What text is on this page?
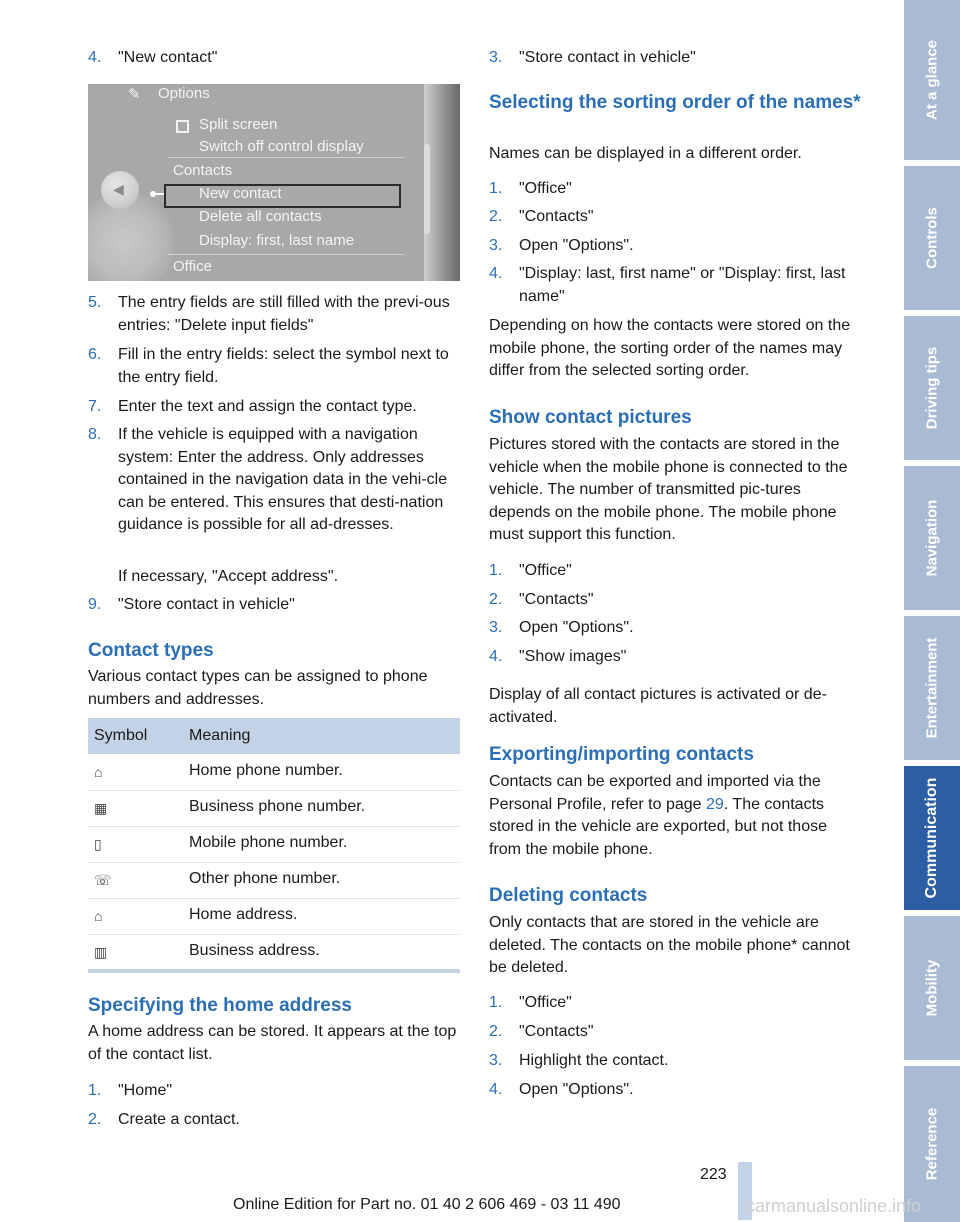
4.	"New contact"
✎ Options
◀
Split screen
Switch off control display
Contacts
New contact
Delete all contacts
Display: first, last name
Office
5.	The entry fields are still filled with the previ‐ous entries: "Delete input fields"
6.	Fill in the entry fields: select the symbol next to the entry field.
7.	Enter the text and assign the contact type.
8.	If the vehicle is equipped with a navigation system: Enter the address. Only addresses contained in the navigation data in the vehi‐cle can be entered. This ensures that desti‐nation guidance is possible for all ad‐dresses.
If necessary, "Accept address".
9.	"Store contact in vehicle"
Contact types
Various contact types can be assigned to phone numbers and addresses.
Symbol	Meaning
⌂	Home phone number.
▦	Business phone number.
▯	Mobile phone number.
☏	Other phone number.
⌂	Home address.
▥	Business address.
Specifying the home address
A home address can be stored. It appears at the top of the contact list.
1.	"Home"
2.	Create a contact.
3.	"Store contact in vehicle"
Selecting the sorting order of the names*
Names can be displayed in a different order.
1.	"Office"
2.	"Contacts"
3.	Open "Options".
4.	"Display: last, first name" or "Display: first, last name"
Depending on how the contacts were stored on the mobile phone, the sorting order of the names may differ from the selected sorting order.
Show contact pictures
Pictures stored with the contacts are stored in the vehicle when the mobile phone is connected to the vehicle. The number of transmitted pic‐tures depends on the mobile phone. The mobile phone must support this function.
1.	"Office"
2.	"Contacts"
3.	Open "Options".
4.	"Show images"
Display of all contact pictures is activated or de‐activated.
Exporting/importing contacts
Contacts can be exported and imported via the Personal Profile, refer to page 29. The contacts stored in the vehicle are exported, but not those from the mobile phone.
Deleting contacts
Only contacts that are stored in the vehicle are deleted. The contacts on the mobile phone* cannot be deleted.
1.	"Office"
2.	"Contacts"
3.	Highlight the contact.
4.	Open "Options".
At a glance
Controls
Driving tips
Navigation
Entertainment
Communication
Mobility
Reference
223
Online Edition for Part no. 01 40 2 606 469 - 03 11 490	carmanualsonline.info
